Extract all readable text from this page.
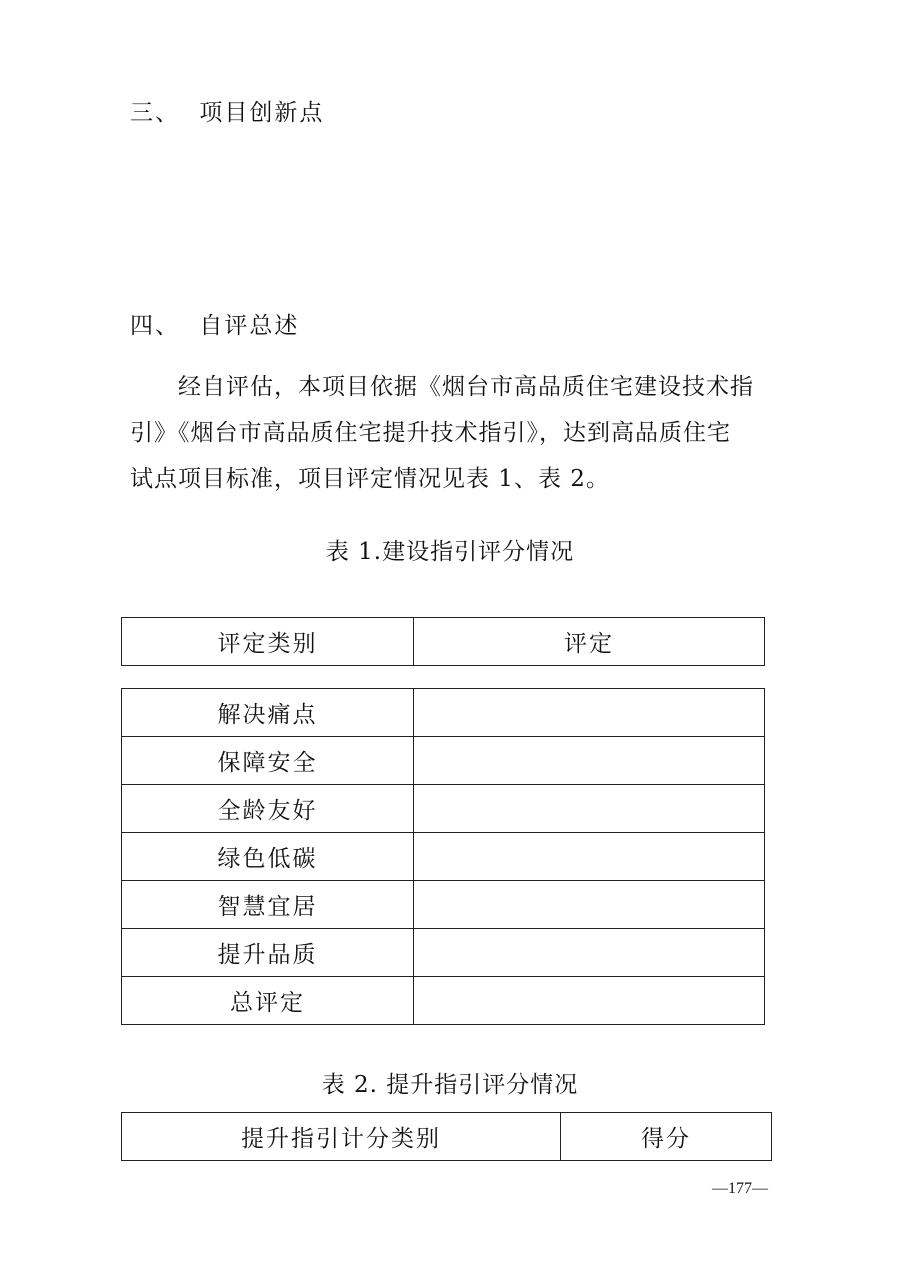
三、 项目创新点
四、 自评总述
经自评估，本项目依据《烟台市高品质住宅建设技术指
引》《烟台市高品质住宅提升技术指引》，达到高品质住宅
试点项目标准，项目评定情况见表 1、表 2。
表 1.建设指引评分情况
评定类别	评定
解决痛点	
保障安全	
全龄友好	
绿色低碳	
智慧宜居	
提升品质	
总评定	
表 2. 提升指引评分情况
提升指引计分类别	得分
—177—
